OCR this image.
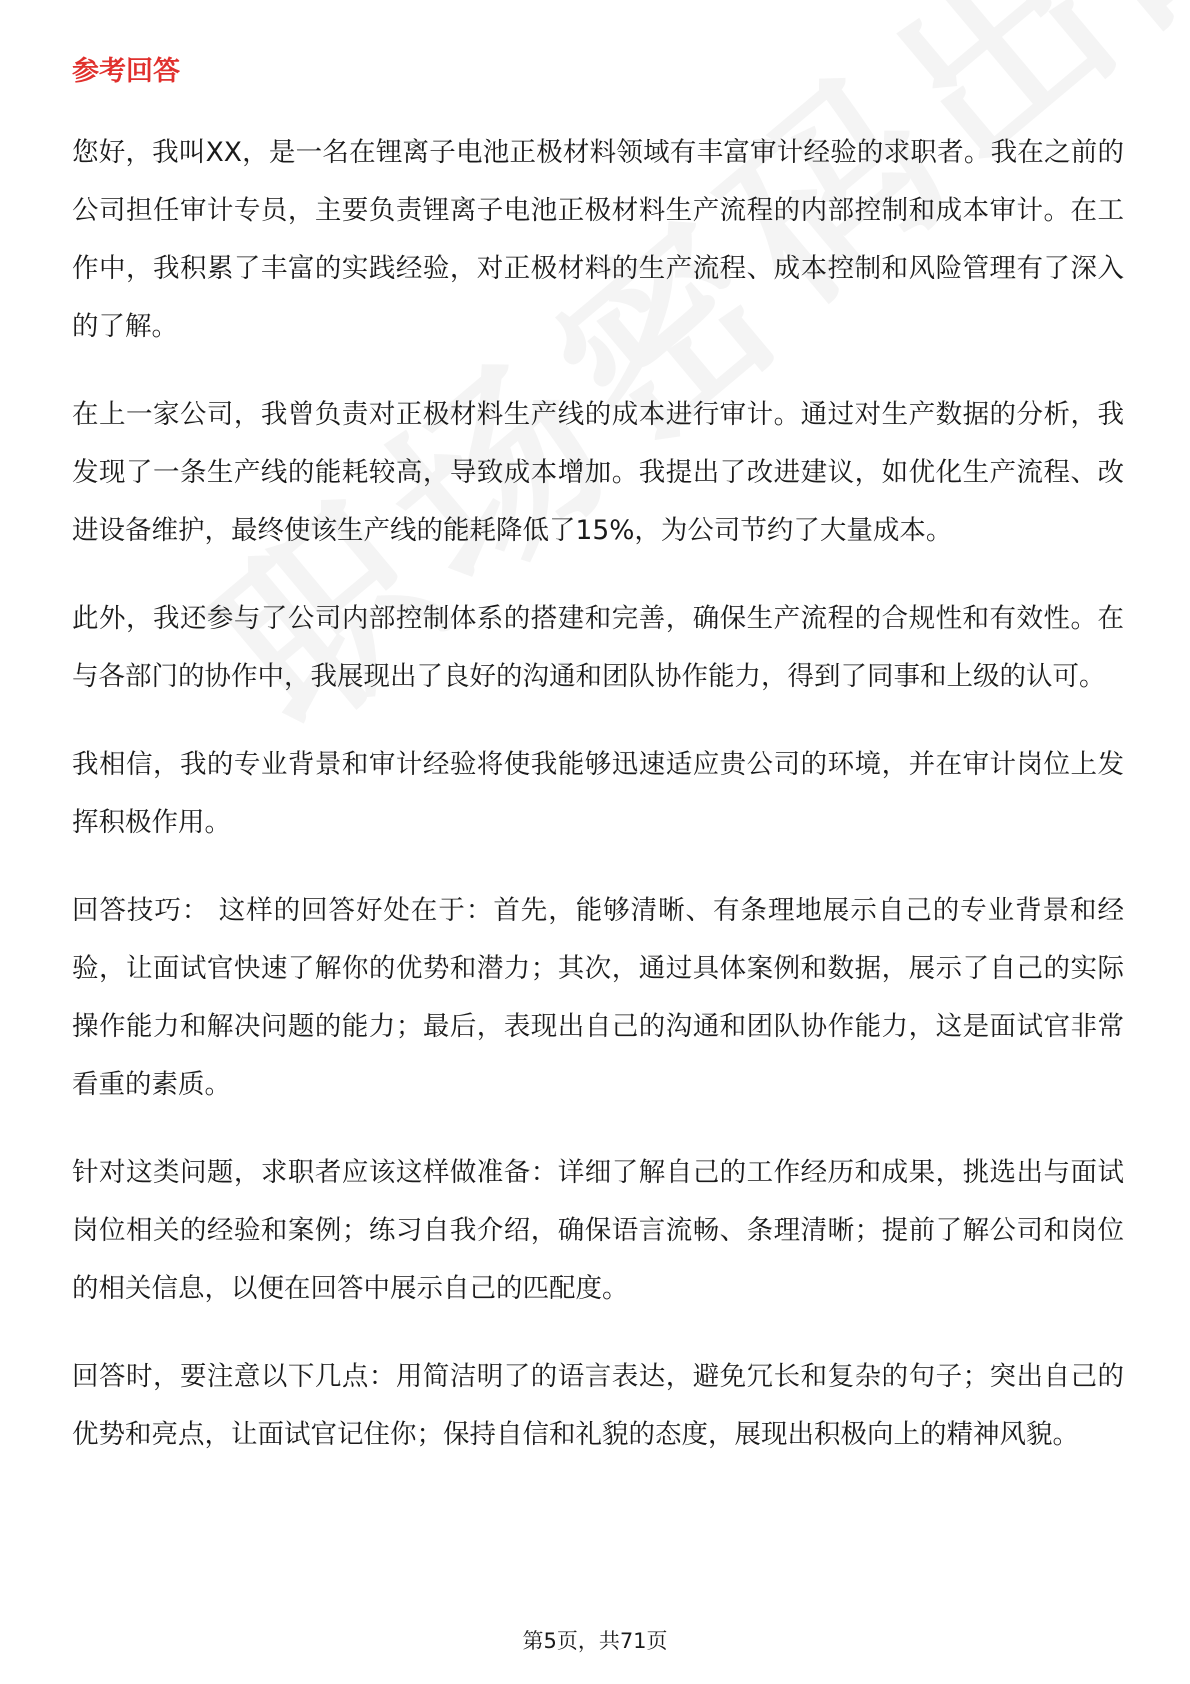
参考回答

您好，我叫XX，是一名在锂离子电池正极材料领域有丰富审计经验的求职者。我在之前的公司担任审计专员，主要负责锂离子电池正极材料生产流程的内部控制和成本审计。在工作中，我积累了丰富的实践经验，对正极材料的生产流程、成本控制和风险管理有了深入的了解。

在上一家公司，我曾负责对正极材料生产线的成本进行审计。通过对生产数据的分析，我发现了一条生产线的能耗较高，导致成本增加。我提出了改进建议，如优化生产流程、改进设备维护，最终使该生产线的能耗降低了15%，为公司节约了大量成本。

此外，我还参与了公司内部控制体系的搭建和完善，确保生产流程的合规性和有效性。在与各部门的协作中，我展现出了良好的沟通和团队协作能力，得到了同事和上级的认可。

我相信，我的专业背景和审计经验将使我能够迅速适应贵公司的环境，并在审计岗位上发挥积极作用。

回答技巧： 这样的回答好处在于：首先，能够清晰、有条理地展示自己的专业背景和经验，让面试官快速了解你的优势和潜力；其次，通过具体案例和数据，展示了自己的实际操作能力和解决问题的能力；最后，表现出自己的沟通和团队协作能力，这是面试官非常看重的素质。

针对这类问题，求职者应该这样做准备：详细了解自己的工作经历和成果，挑选出与面试岗位相关的经验和案例；练习自我介绍，确保语言流畅、条理清晰；提前了解公司和岗位的相关信息，以便在回答中展示自己的匹配度。

回答时，要注意以下几点：用简洁明了的语言表达，避免冗长和复杂的句子；突出自己的优势和亮点，让面试官记住你；保持自信和礼貌的态度，展现出积极向上的精神风貌。

第5页，共71页
